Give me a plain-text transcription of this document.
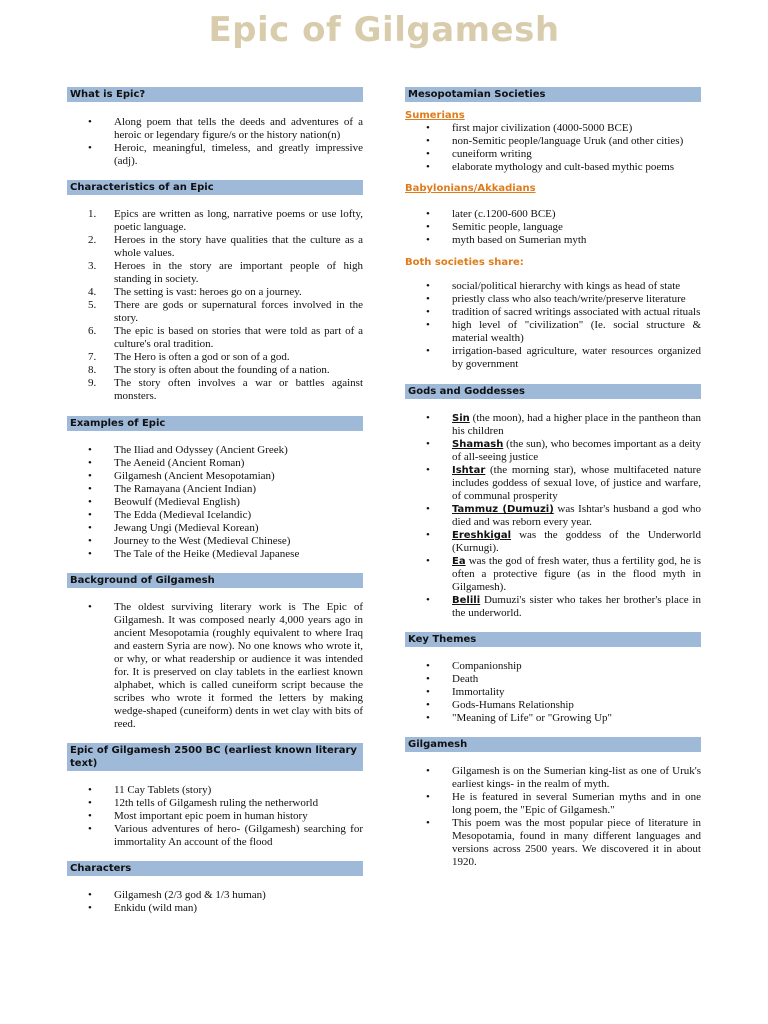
Epic of Gilgamesh
What is Epic?
• Along poem that tells the deeds and adventures of a heroic or legendary figure/s or the history nation(n)
• Heroic, meaningful, timeless, and greatly impressive (adj).
Characteristics of an Epic
1. Epics are written as long, narrative poems or use lofty, poetic language.
2. Heroes in the story have qualities that the culture as a whole values.
3. Heroes in the story are important people of high standing in society.
4. The setting is vast: heroes go on a journey.
5. There are gods or supernatural forces involved in the story.
6. The epic is based on stories that were told as part of a culture's oral tradition.
7. The Hero is often a god or son of a god.
8. The story is often about the founding of a nation.
9. The story often involves a war or battles against monsters.
Examples of Epic
• The Iliad and Odyssey (Ancient Greek)
• The Aeneid (Ancient Roman)
• Gilgamesh (Ancient Mesopotamian)
• The Ramayana (Ancient Indian)
• Beowulf (Medieval English)
• The Edda (Medieval Icelandic)
• Jewang Ungi (Medieval Korean)
• Journey to the West (Medieval Chinese)
• The Tale of the Heike (Medieval Japanese
Background of Gilgamesh
• The oldest surviving literary work is The Epic of Gilgamesh. It was composed nearly 4,000 years ago in ancient Mesopotamia (roughly equivalent to where Iraq and eastern Syria are now). No one knows who wrote it, or why, or what readership or audience it was intended for. It is preserved on clay tablets in the earliest known alphabet, which is called cuneiform script because the scribes who wrote it formed the letters by making wedge-shaped (cuneiform) dents in wet clay with bits of reed.
Epic of Gilgamesh 2500 BC (earliest known literary text)
• 11 Cay Tablets (story)
• 12th tells of Gilgamesh ruling the netherworld
• Most important epic poem in human history
• Various adventures of hero- (Gilgamesh) searching for immortality An account of the flood
Characters
• Gilgamesh (2/3 god & 1/3 human)
• Enkidu (wild man)
Mesopotamian Societies
Sumerians
• first major civilization (4000-5000 BCE)
• non-Semitic people/language Uruk (and other cities)
• cuneiform writing
• elaborate mythology and cult-based mythic poems
Babylonians/Akkadians
• later (c.1200-600 BCE)
• Semitic people, language
• myth based on Sumerian myth
Both societies share:
• social/political hierarchy with kings as head of state
• priestly class who also teach/write/preserve literature
• tradition of sacred writings associated with actual rituals
• high level of "civilization" (Ie. social structure & material wealth)
• irrigation-based agriculture, water resources organized by government
Gods and Goddesses
• Sin (the moon), had a higher place in the pantheon than his children
• Shamash (the sun), who becomes important as a deity of all-seeing justice
• Ishtar (the morning star), whose multifaceted nature includes goddess of sexual love, of justice and warfare, of communal prosperity
• Tammuz (Dumuzi) was Ishtar's husband a god who died and was reborn every year.
• Ereshkigal was the goddess of the Underworld (Kurnugi).
• Ea was the god of fresh water, thus a fertility god, he is often a protective figure (as in the flood myth in Gilgamesh).
• Belili Dumuzi's sister who takes her brother's place in the underworld.
Key Themes
• Companionship
• Death
• Immortality
• Gods-Humans Relationship
• "Meaning of Life" or "Growing Up"
Gilgamesh
• Gilgamesh is on the Sumerian king-list as one of Uruk's earliest kings- in the realm of myth.
• He is featured in several Sumerian myths and in one long poem, the "Epic of Gilgamesh."
• This poem was the most popular piece of literature in Mesopotamia, found in many different languages and versions across 2500 years. We discovered it in about 1920.
